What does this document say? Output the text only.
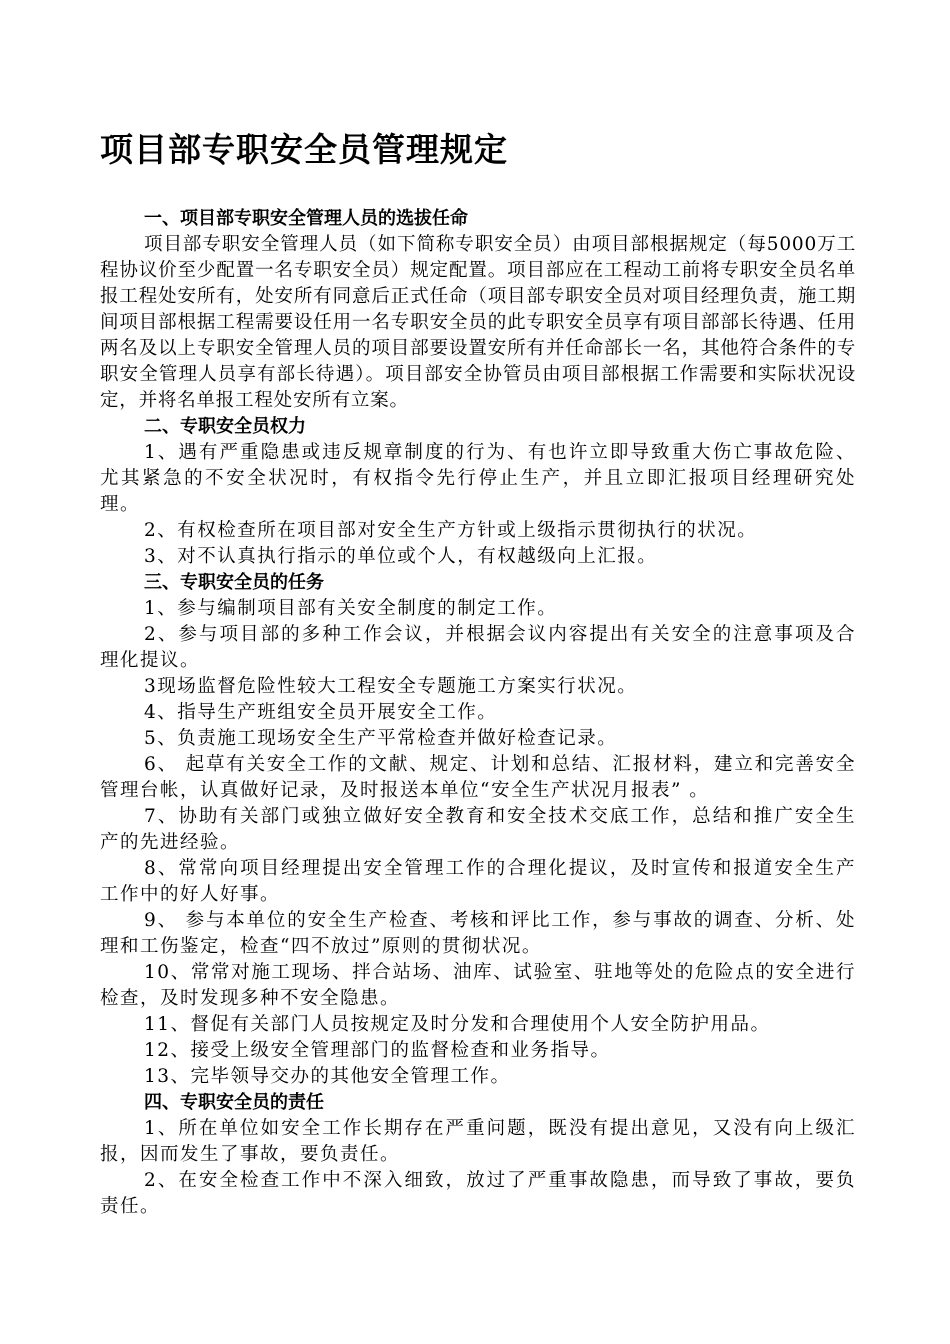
项目部专职安全员管理规定
一、项目部专职安全管理人员的选拔任命

项目部专职安全管理人员（如下简称专职安全员）由项目部根据规定（每5000万工程协议价至少配置一名专职安全员）规定配置。项目部应在工程动工前将专职安全员名单报工程处安所有，处安所有同意后正式任命（项目部专职安全员对项目经理负责，施工期间项目部根据工程需要设任用一名专职安全员的此专职安全员享有项目部部长待遇、任用两名及以上专职安全管理人员的项目部要设置安所有并任命部长一名，其他符合条件的专职安全管理人员享有部长待遇）。项目部安全协管员由项目部根据工作需要和实际状况设定，并将名单报工程处安所有立案。

二、专职安全员权力

1、遇有严重隐患或违反规章制度的行为、有也许立即导致重大伤亡事故危险、尤其紧急的不安全状况时，有权指令先行停止生产，并且立即汇报项目经理研究处理。

2、有权检查所在项目部对安全生产方针或上级指示贯彻执行的状况。

3、对不认真执行指示的单位或个人，有权越级向上汇报。

三、专职安全员的任务

1、参与编制项目部有关安全制度的制定工作。

2、参与项目部的多种工作会议，并根据会议内容提出有关安全的注意事项及合理化提议。

3现场监督危险性较大工程安全专题施工方案实行状况。

4、指导生产班组安全员开展安全工作。

5、负责施工现场安全生产平常检查并做好检查记录。

6、 起草有关安全工作的文献、规定、计划和总结、汇报材料，建立和完善安全管理台帐，认真做好记录，及时报送本单位“安全生产状况月报表” 。

7、协助有关部门或独立做好安全教育和安全技术交底工作，总结和推广安全生产的先进经验。

8、常常向项目经理提出安全管理工作的合理化提议，及时宣传和报道安全生产工作中的好人好事。

9、 参与本单位的安全生产检查、考核和评比工作，参与事故的调查、分析、处理和工伤鉴定，检查“四不放过”原则的贯彻状况。

10、常常对施工现场、拌合站场、油库、试验室、驻地等处的危险点的安全进行检查，及时发现多种不安全隐患。

11、督促有关部门人员按规定及时分发和合理使用个人安全防护用品。

12、接受上级安全管理部门的监督检查和业务指导。

13、完毕领导交办的其他安全管理工作。

四、专职安全员的责任

1、所在单位如安全工作长期存在严重问题，既没有提出意见，又没有向上级汇报，因而发生了事故，要负责任。

2、在安全检查工作中不深入细致，放过了严重事故隐患，而导致了事故，要负责任。
